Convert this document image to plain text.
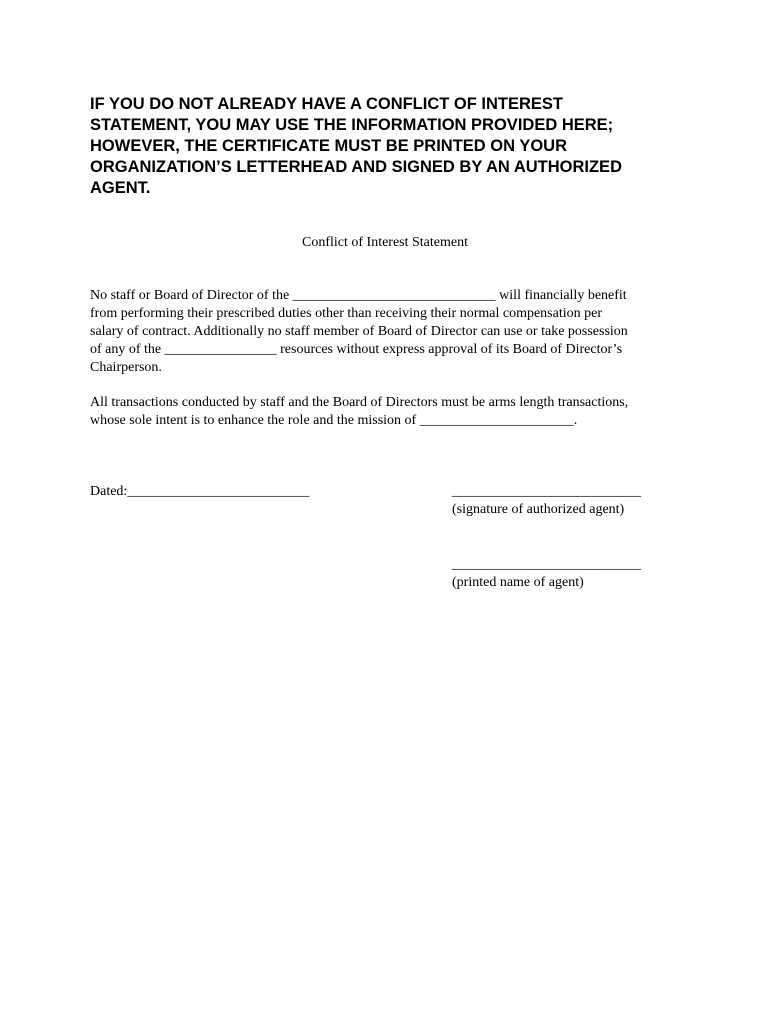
IF YOU DO NOT ALREADY HAVE A CONFLICT OF INTEREST
STATEMENT, YOU MAY USE THE INFORMATION PROVIDED HERE;
HOWEVER, THE CERTIFICATE MUST BE PRINTED ON YOUR
ORGANIZATION’S LETTERHEAD AND SIGNED BY AN AUTHORIZED
AGENT.
Conflict of Interest Statement
No staff or Board of Director of the _____________________________ will financially benefit
from performing their prescribed duties other than receiving their normal compensation per
salary of contract. Additionally no staff member of Board of Director can use or take possession
of any of the ________________ resources without express approval of its Board of Director’s
Chairperson.
All transactions conducted by staff and the Board of Directors must be arms length transactions,
whose sole intent is to enhance the role and the mission of ______________________.
Dated:__________________________	___________________________
(signature of authorized agent)
___________________________
(printed name of agent)
